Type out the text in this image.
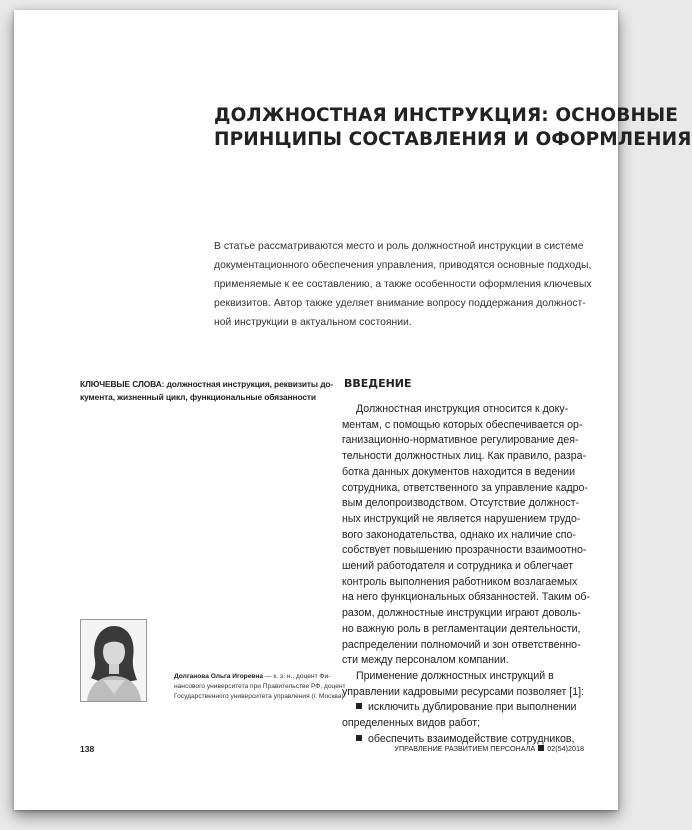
ДОЛЖНОСТНАЯ ИНСТРУКЦИЯ: ОСНОВНЫЕ
ПРИНЦИПЫ СОСТАВЛЕНИЯ И ОФОРМЛЕНИЯ
В статье рассматриваются место и роль должностной инструкции в системе
документационного обеспечения управления, приводятся основные подходы,
применяемые к ее составлению, а также особенности оформления ключевых
реквизитов. Автор также уделяет внимание вопросу поддержания должност-
ной инструкции в актуальном состоянии.
КЛЮЧЕВЫЕ СЛОВА: должностная инструкция, реквизиты до-
кумента, жизненный цикл, функциональные обязанности
ВВЕДЕНИЕ
Должностная инструкция относится к доку-
ментам, с помощью которых обеспечивается ор-
ганизационно-нормативное регулирование дея-
тельности должностных лиц. Как правило, разра-
ботка данных документов находится в ведении
сотрудника, ответственного за управление кадро-
вым делопроизводством. Отсутствие должност-
ных инструкций не является нарушением трудо-
вого законодательства, однако их наличие спо-
собствует повышению прозрачности взаимоотно-
шений работодателя и сотрудника и облегчает
контроль выполнения работником возлагаемых
на него функциональных обязанностей. Таким об-
разом, должностные инструкции играют доволь-
но важную роль в регламентации деятельности,
распределении полномочий и зон ответственно-
сти между персоналом компании.
Применение должностных инструкций в
управлении кадровыми ресурсами позволяет [1]:
исключить дублирование при выполнении
определенных видов работ;
обеспечить взаимодействие сотрудников,
Долганова Ольга Игоревна — к. э. н., доцент Фи-
нансового университета при Правительстве РФ, доцент
Государственного университета управления (г. Москва)
138	УПРАВЛЕНИЕ РАЗВИТИЕМ ПЕРСОНАЛА 02(54)2018
